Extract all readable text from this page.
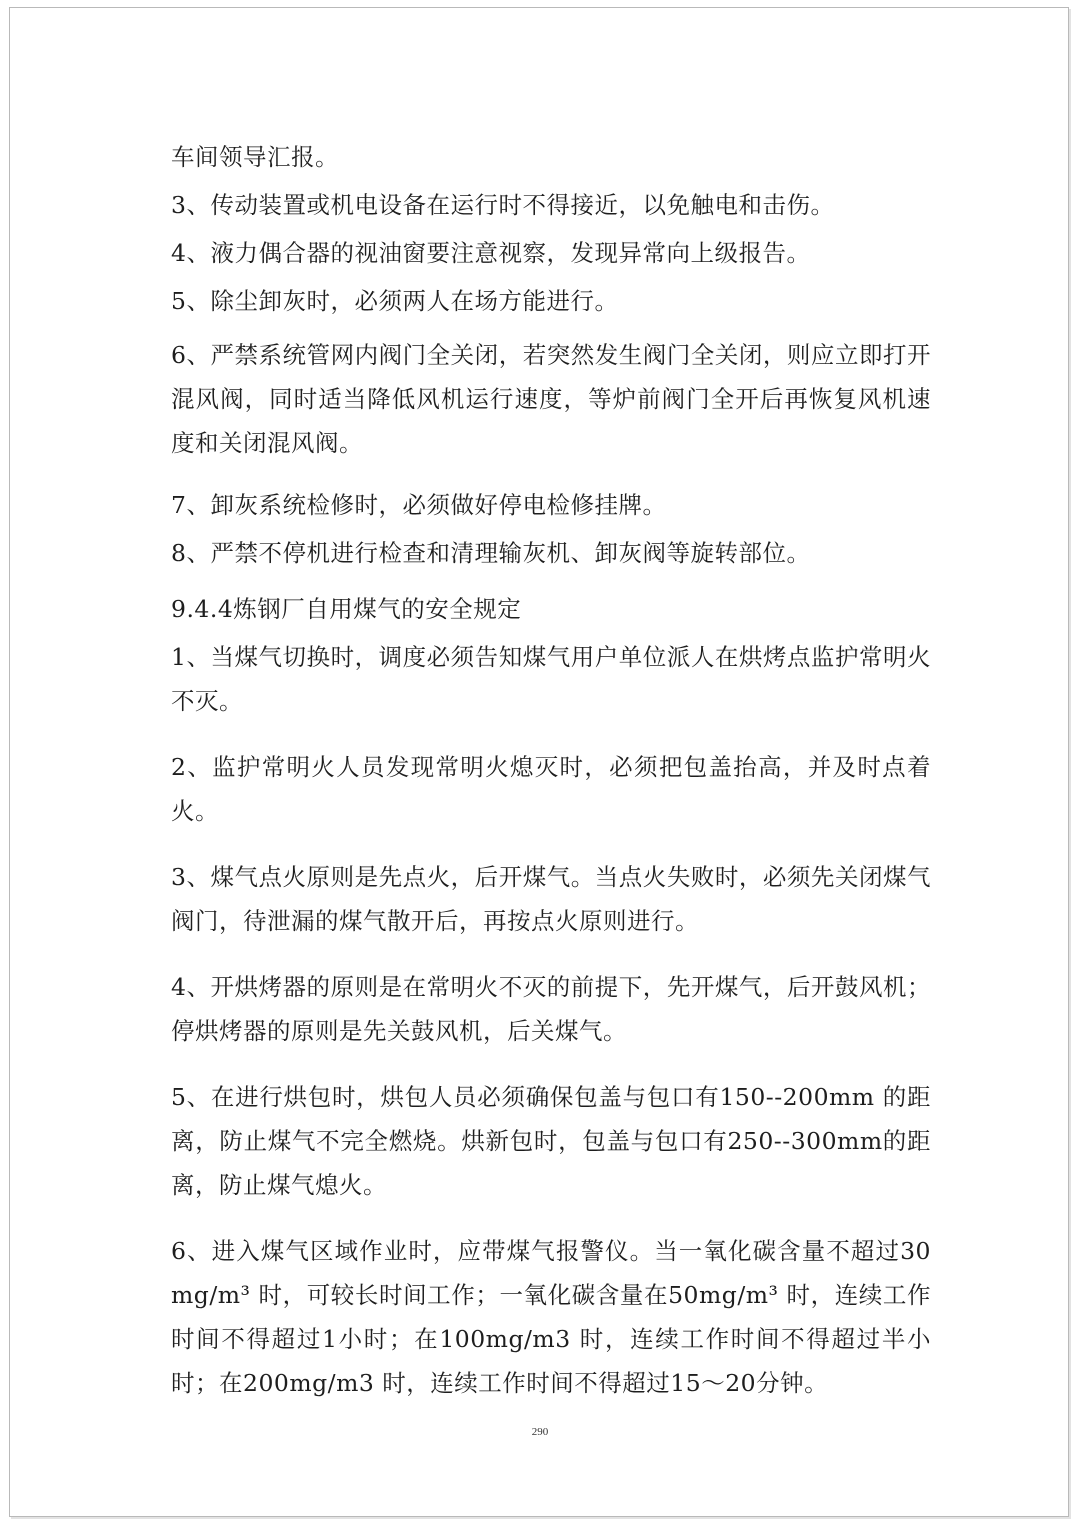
车间领导汇报。

3、传动装置或机电设备在运行时不得接近，以免触电和击伤。

4、液力偶合器的视油窗要注意视察，发现异常向上级报告。

5、除尘卸灰时，必须两人在场方能进行。

6、严禁系统管网内阀门全关闭，若突然发生阀门全关闭，则应立即打开混风阀，同时适当降低风机运行速度，等炉前阀门全开后再恢复风机速度和关闭混风阀。

7、卸灰系统检修时，必须做好停电检修挂牌。

8、严禁不停机进行检查和清理输灰机、卸灰阀等旋转部位。

9.4.4炼钢厂自用煤气的安全规定

1、当煤气切换时，调度必须告知煤气用户单位派人在烘烤点监护常明火不灭。

2、监护常明火人员发现常明火熄灭时，必须把包盖抬高，并及时点着火。

3、煤气点火原则是先点火，后开煤气。当点火失败时，必须先关闭煤气阀门，待泄漏的煤气散开后，再按点火原则进行。

4、开烘烤器的原则是在常明火不灭的前提下，先开煤气，后开鼓风机；停烘烤器的原则是先关鼓风机，后关煤气。

5、在进行烘包时，烘包人员必须确保包盖与包口有150--200mm 的距离，防止煤气不完全燃烧。烘新包时，包盖与包口有250--300mm的距离，防止煤气熄火。

6、进入煤气区域作业时，应带煤气报警仪。当一氧化碳含量不超过30mg/m³ 时，可较长时间工作；一氧化碳含量在50mg/m³ 时，连续工作时间不得超过1小时；在100mg/m3 时，连续工作时间不得超过半小时；在200mg/m3 时，连续工作时间不得超过15～20分钟。

290
